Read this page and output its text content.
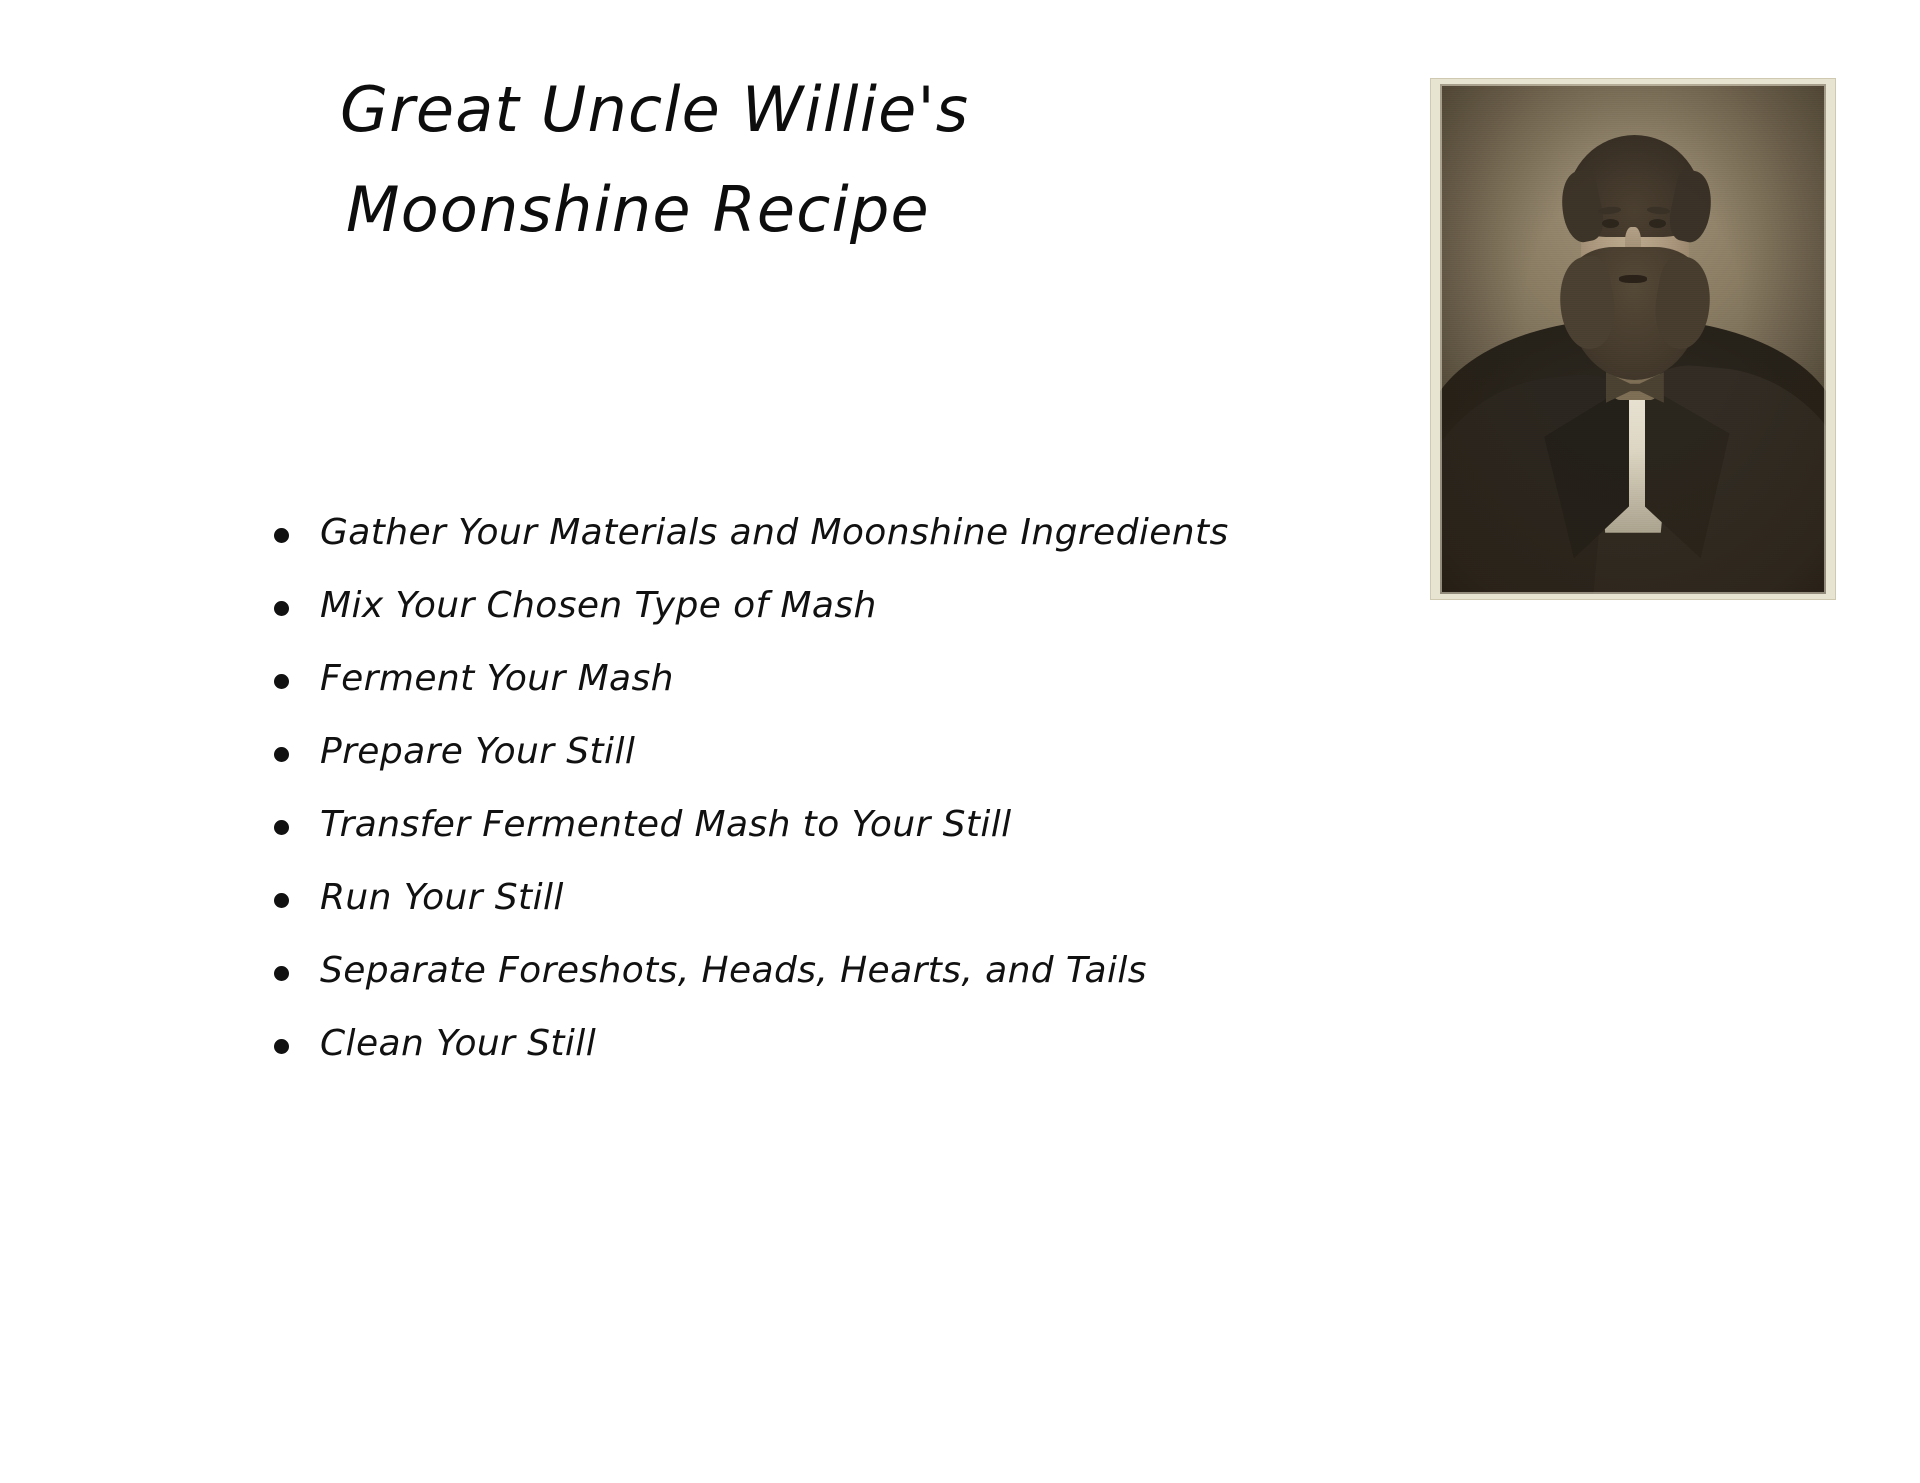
Great Uncle Willie's
Moonshine Recipe
Gather Your Materials and Moonshine Ingredients
Mix Your Chosen Type of Mash
Ferment Your Mash
Prepare Your Still
Transfer Fermented Mash to Your Still
Run Your Still
Separate Foreshots, Heads, Hearts, and Tails
Clean Your Still
